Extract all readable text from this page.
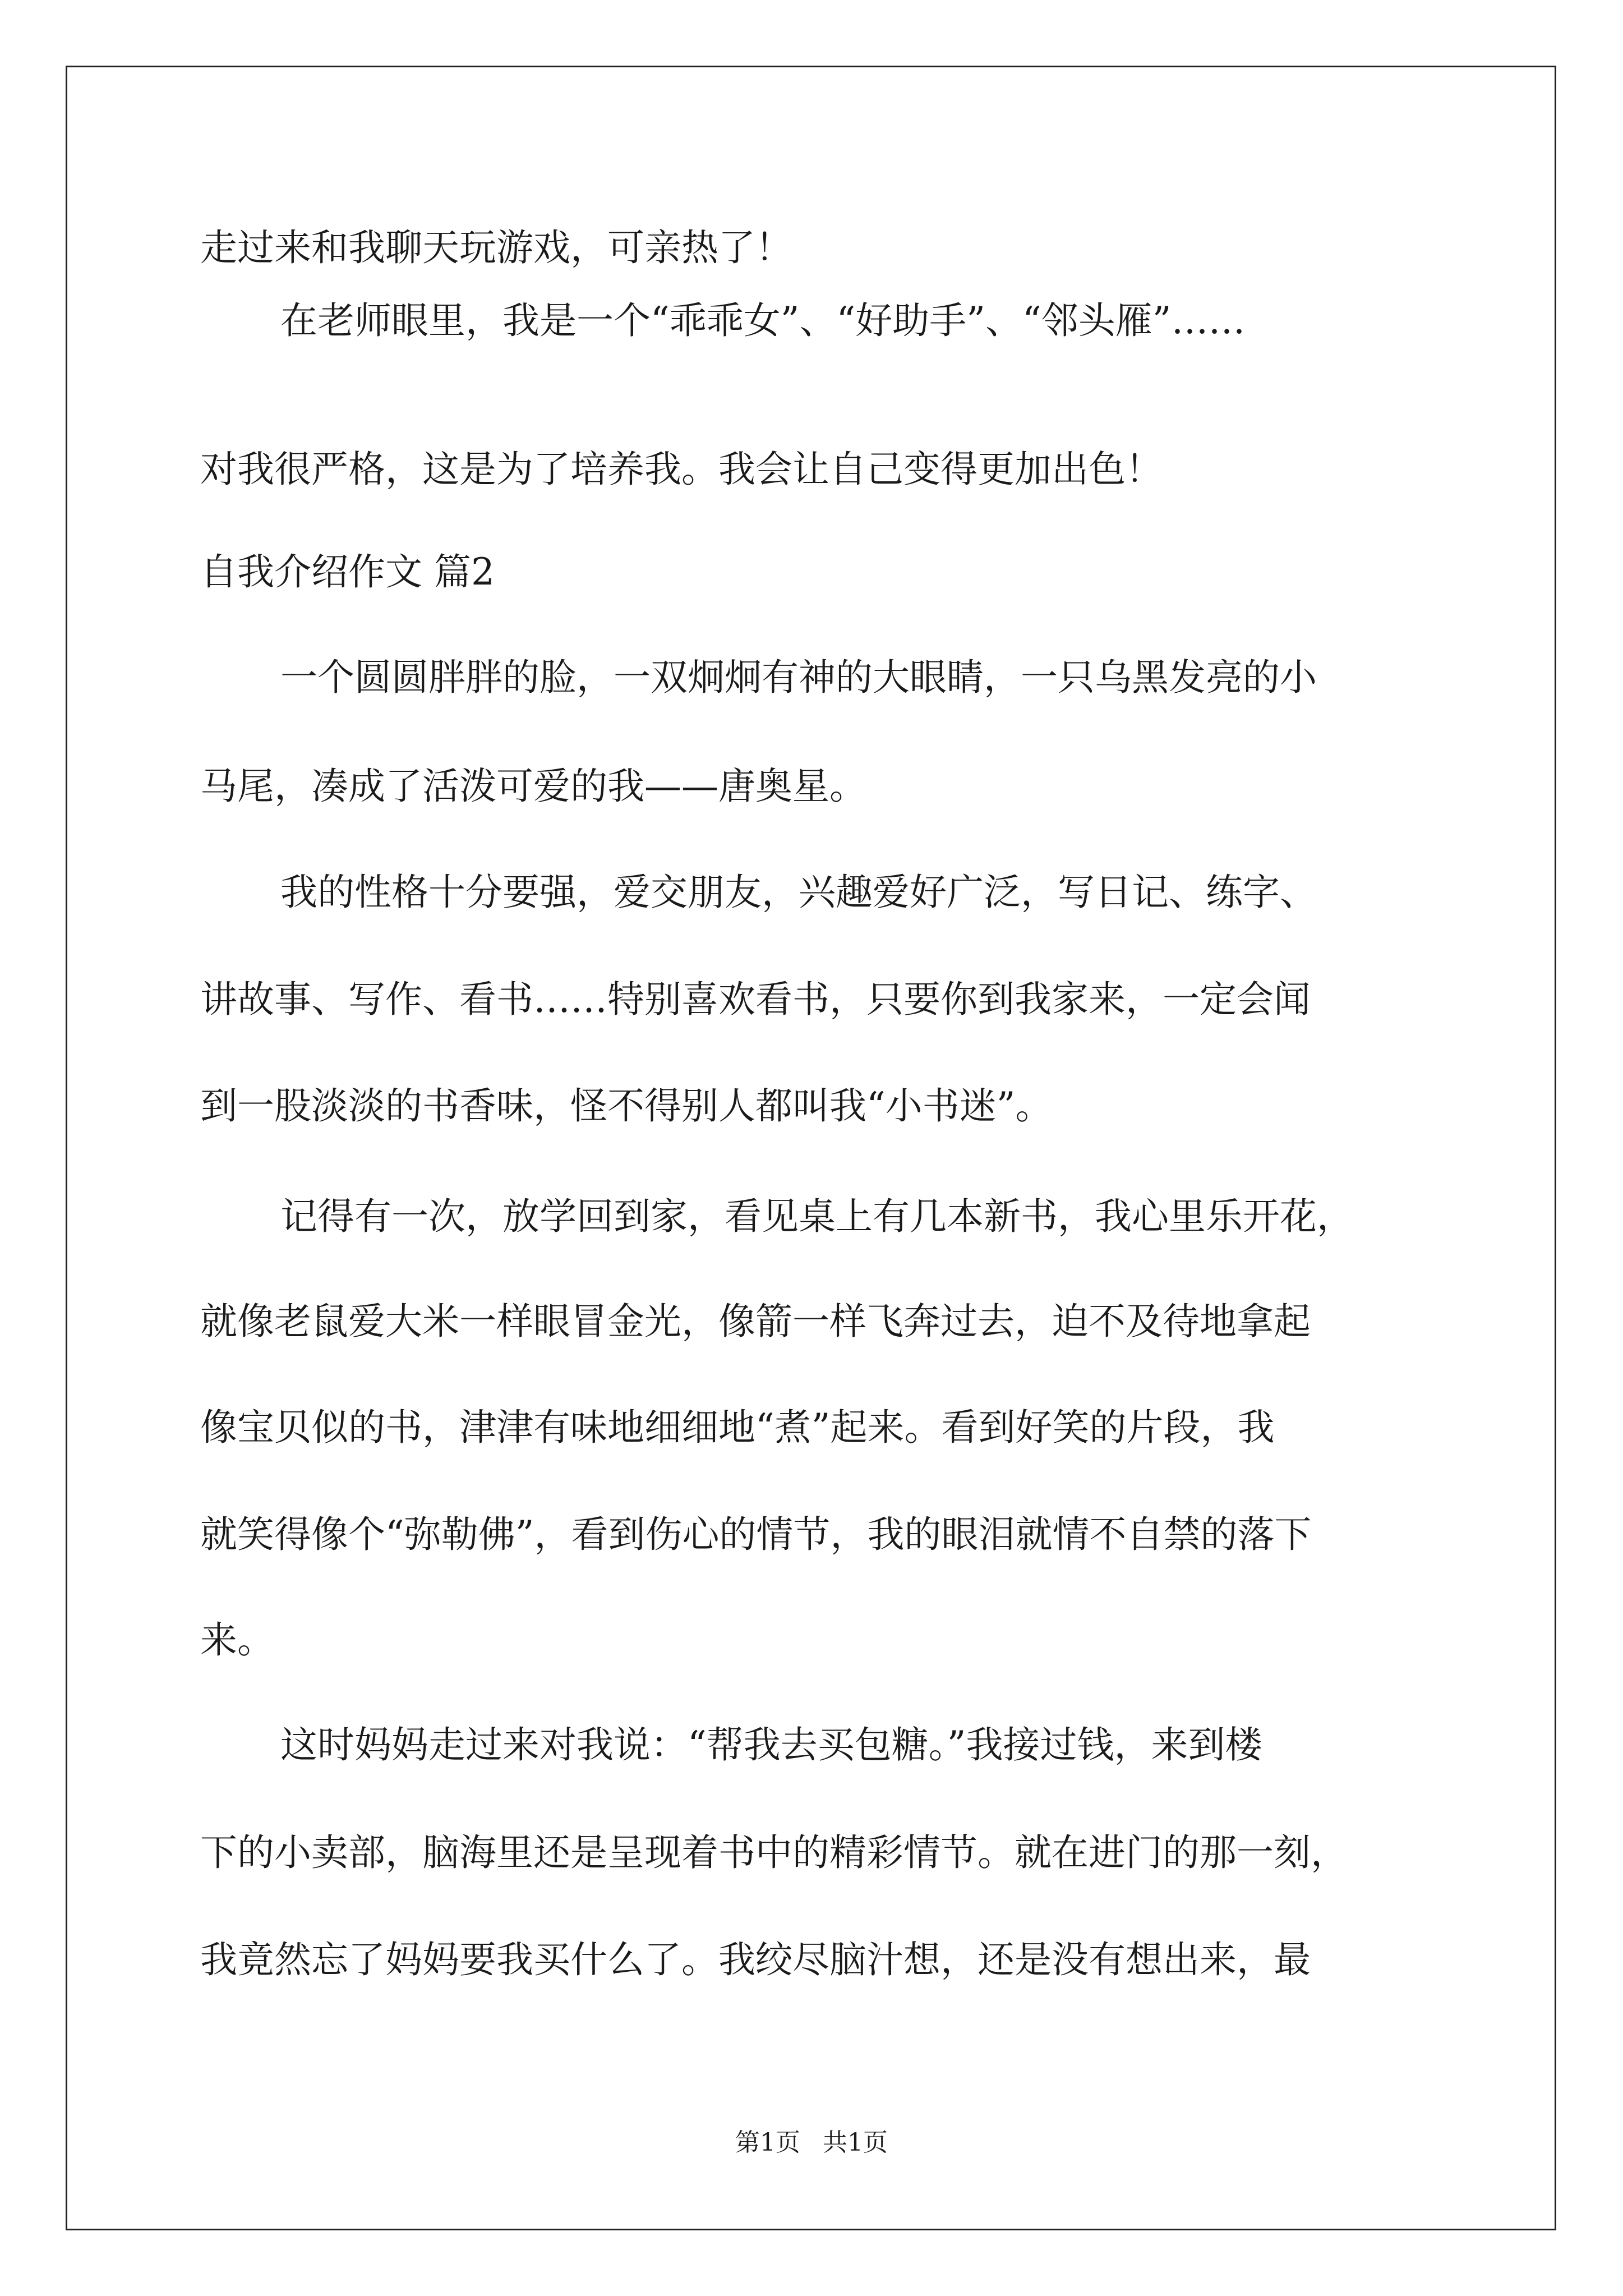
走过来和我聊天玩游戏，可亲热了！

在老师眼里，我是一个“乖乖女”、“好助手”、“邻头雁”……

对我很严格，这是为了培养我。我会让自己变得更加出色！

自我介绍作文 篇2

一个圆圆胖胖的脸，一双炯炯有神的大眼睛，一只乌黑发亮的小

马尾，凑成了活泼可爱的我——唐奥星。

我的性格十分要强，爱交朋友，兴趣爱好广泛，写日记、练字、

讲故事、写作、看书……特别喜欢看书，只要你到我家来，一定会闻

到一股淡淡的书香味，怪不得别人都叫我“小书迷”。

记得有一次，放学回到家，看见桌上有几本新书，我心里乐开花，

就像老鼠爱大米一样眼冒金光，像箭一样飞奔过去，迫不及待地拿起

像宝贝似的书，津津有味地细细地“煮”起来。看到好笑的片段，我

就笑得像个“弥勒佛”，看到伤心的情节，我的眼泪就情不自禁的落下

来。

这时妈妈走过来对我说：“帮我去买包糖。”我接过钱，来到楼

下的小卖部，脑海里还是呈现着书中的精彩情节。就在进门的那一刻，

我竟然忘了妈妈要我买什么了。我绞尽脑汁想，还是没有想出来，最

第1页 共1页
